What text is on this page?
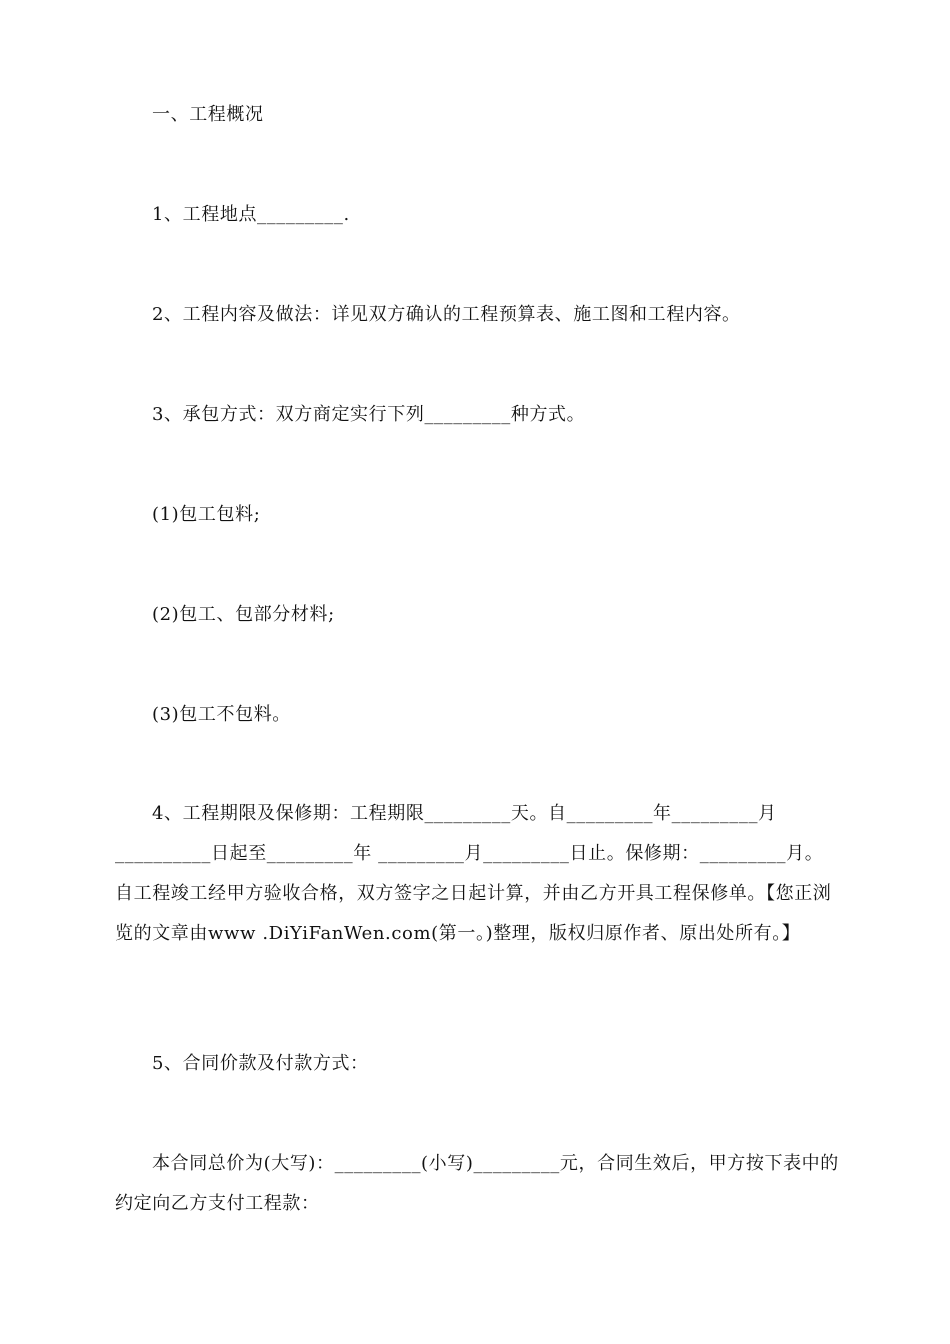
一、工程概况
1、工程地点_________.
2、工程内容及做法：详见双方确认的工程预算表、施工图和工程内容。
3、承包方式：双方商定实行下列_________种方式。
(1)包工包料;
(2)包工、包部分材料;
(3)包工不包料。
4、工程期限及保修期：工程期限_________天。自_________年_________月__________日起至_________年 _________月_________日止。保修期：_________月。自工程竣工经甲方验收合格，双方签字之日起计算，并由乙方开具工程保修单。【您正浏览的文章由www .DiYiFanWen.com(第一。)整理，版权归原作者、原出处所有。】
5、合同价款及付款方式：
本合同总价为(大写)：_________(小写)_________元，合同生效后，甲方按下表中的约定向乙方支付工程款：
